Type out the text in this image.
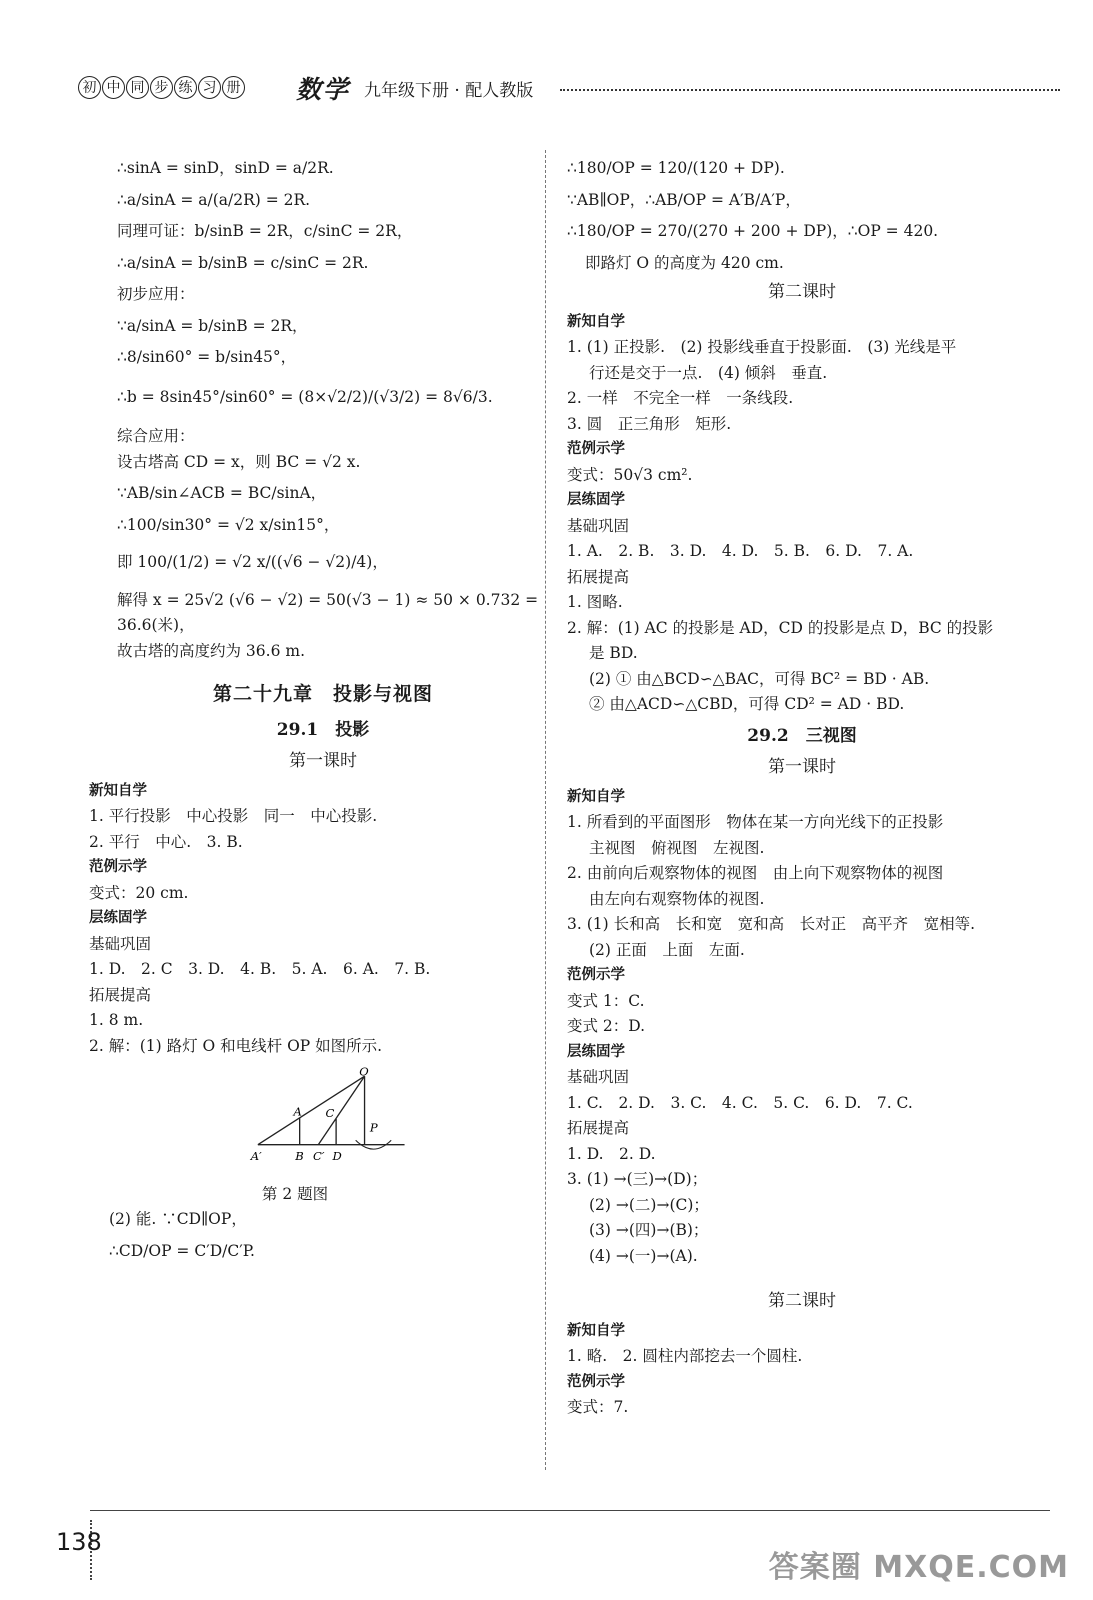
初 中 同 步 练 习 册 数学 九年级下册 · 配人教版
∴sinA = sinD，sinD = a/2R.
∴a/sinA = a/(a/2R) = 2R.
同理可证：b/sinB = 2R，c/sinC = 2R，
∴a/sinA = b/sinB = c/sinC = 2R.
初步应用：
∵a/sinA = b/sinB = 2R，
∴8/sin60° = b/sin45°，
∴b = 8sin45°/sin60° = (8×√2/2)/(√3/2) = 8√6/3.
综合应用：
设古塔高 CD = x，则 BC = √2 x.
∵AB/sin∠ACB = BC/sinA，
∴100/sin30° = √2 x/sin15°，
即 100/(1/2) = √2 x/((√6 − √2)/4)，
解得 x = 25√2 (√6 − √2) = 50(√3 − 1) ≈ 50 × 0.732 =
36.6(米)，
故古塔的高度约为 36.6 m.
第二十九章　投影与视图
29.1　投影
第一课时
新知自学
1. 平行投影　中心投影　同一　中心投影.
2. 平行　中心.　3. B.
范例示学
变式：20 cm.
层练固学
基础巩固
1. D.　2. C　3. D.　4. B.　5. A.　6. A.　7. B.
拓展提高
1. 8 m.
2. 解：(1) 路灯 O 和电线杆 OP 如图所示.
O
A C
P
A′	B C′ D
第 2 题图
(2) 能. ∵CD∥OP，
∴CD/OP = C′D/C′P.
∴180/OP = 120/(120 + DP).
∵AB∥OP，∴AB/OP = A′B/A′P，
∴180/OP = 270/(270 + 200 + DP)，∴OP = 420.
即路灯 O 的高度为 420 cm.
第二课时
新知自学
1. (1) 正投影.　(2) 投影线垂直于投影面.　(3) 光线是平
行还是交于一点.　(4) 倾斜　垂直.
2. 一样　不完全一样　一条线段.
3. 圆　正三角形　矩形.
范例示学
变式：50√3 cm².
层练固学
基础巩固
1. A.　2. B.　3. D.　4. D.　5. B.　6. D.　7. A.
拓展提高
1. 图略.
2. 解：(1) AC 的投影是 AD，CD 的投影是点 D，BC 的投影
是 BD.
(2) ① 由△BCD∽△BAC，可得 BC² = BD · AB.
② 由△ACD∽△CBD，可得 CD² = AD · BD.
29.2　三视图
第一课时
新知自学
1. 所看到的平面图形　物体在某一方向光线下的正投影
主视图　俯视图　左视图.
2. 由前向后观察物体的视图　由上向下观察物体的视图
由左向右观察物体的视图.
3. (1) 长和高　长和宽　宽和高　长对正　高平齐　宽相等.
(2) 正面　上面　左面.
范例示学
变式 1：C.
变式 2：D.
层练固学
基础巩固
1. C.　2. D.　3. C.　4. C.　5. C.　6. D.　7. C.
拓展提高
1. D.　2. D.
3. (1) →(三)→(D)；
(2) →(二)→(C)；
(3) →(四)→(B)；
(4) →(一)→(A).
第二课时
新知自学
1. 略.　2. 圆柱内部挖去一个圆柱.
范例示学
变式：7.
138
答案圈 MXQE.COM
